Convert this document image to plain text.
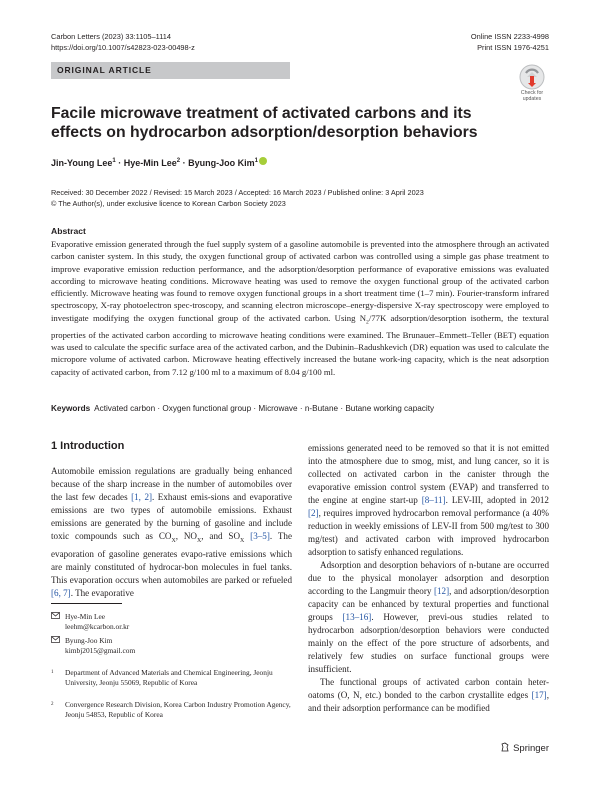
Carbon Letters (2023) 33:1105–1114
https://doi.org/10.1007/s42823-023-00498-z
Online ISSN 2233-4998
Print ISSN 1976-4251
ORIGINAL ARTICLE
Check for
updates
Facile microwave treatment of activated carbons and its effects on hydrocarbon adsorption/desorption behaviors
Jin-Young Lee$^1$ · Hye-Min Lee$^2$ · Byung-Joo Kim$^1$
Received: 30 December 2022 / Revised: 15 March 2023 / Accepted: 16 March 2023 / Published online: 3 April 2023
© The Author(s), under exclusive licence to Korean Carbon Society 2023
Abstract
Evaporative emission generated through the fuel supply system of a gasoline automobile is prevented into the atmosphere through an activated carbon canister system. In this study, the oxygen functional group of activated carbon was controlled using a simple gas phase treatment to improve evaporative emission reduction performance, and the adsorption/desorption performance of evaporative emissions was evaluated according to microwave heating conditions. Microwave heating was used to remove the oxygen functional group of the activated carbon efficiently. Microwave heating was found to remove oxygen functional groups in a short treatment time (1–7 min). Fourier-transform infrared spectroscopy, X-ray photoelectron spec-troscopy, and scanning electron microscope–energy-dispersive X-ray spectroscopy were employed to investigate modifying the oxygen functional group of the activated carbon. Using $N_2/77K$ adsorption/desorption isotherm, the textural properties of the activated carbon according to microwave heating conditions were examined. The Brunauer–Emmett–Teller (BET) equation was used to calculate the specific surface area of the activated carbon, and the Dubinin–Radushkevich (DR) equation was used to calculate the micropore volume of activated carbon. Microwave heating effectively increased the butane work-ing capacity, which is the neat adsorption capacity of activated carbon, from 7.12 g/100 ml to a maximum of 8.04 g/100 ml.
Keywords Activated carbon · Oxygen functional group · Microwave · n-Butane · Butane working capacity
1 Introduction

Automobile emission regulations are gradually being enhanced because of the sharp increase in the number of automobiles over the last few decades [1, 2]. Exhaust emis-sions and evaporative emissions are two types of automobile emissions. Exhaust emissions are generated by the burning of gasoline and include toxic compounds such as $CO_X$, $NO_X$, and $SO_X$ [3–5]. The evaporation of gasoline generates evapo-rative emissions which are mainly constituted of hydrocar-bon molecules in fuel tanks. This evaporation occurs when automobiles are parked or refueled [6, 7]. The evaporative

emissions generated need to be removed so that it is not emitted into the atmosphere due to smog, mist, and lung cancer, so it is collected on activated carbon in the canister through the evaporative emission control system (EVAP) and transferred to the engine at engine start-up [8–11]. LEV-III, adopted in 2012 [2], requires improved hydrocarbon removal performance (a 40% reduction in weekly emissions of LEV-II from 500 mg/test to 300 mg/test) and activated carbon with improved hydrocarbon adsorption to satisfy enhanced regulations.

Adsorption and desorption behaviors of n-butane are occurred due to the physical monolayer adsorption and desorption according to the Langmuir theory [12], and adsorption/desorption capacity can be enhanced by textural properties and functional groups [13–16]. However, previ-ous studies related to hydrocarbon adsorption/desorption behaviors were conducted mainly on the effect of the pore structure of adsorbents, and relatively few studies on surface functional groups were insufficient.

The functional groups of activated carbon contain heter-oatoms (O, N, etc.) bonded to the carbon crystallite edges [17], and their adsorption performance can be modified

Hye-Min Lee
leehm@kcarbon.or.kr
Byung-Joo Kim
kimbj2015@gmail.com
1 Department of Advanced Materials and Chemical Engineering, Jeonju University, Jeonju 55069, Republic of Korea
2 Convergence Research Division, Korea Carbon Industry Promotion Agency, Jeonju 54853, Republic of Korea
Springer
